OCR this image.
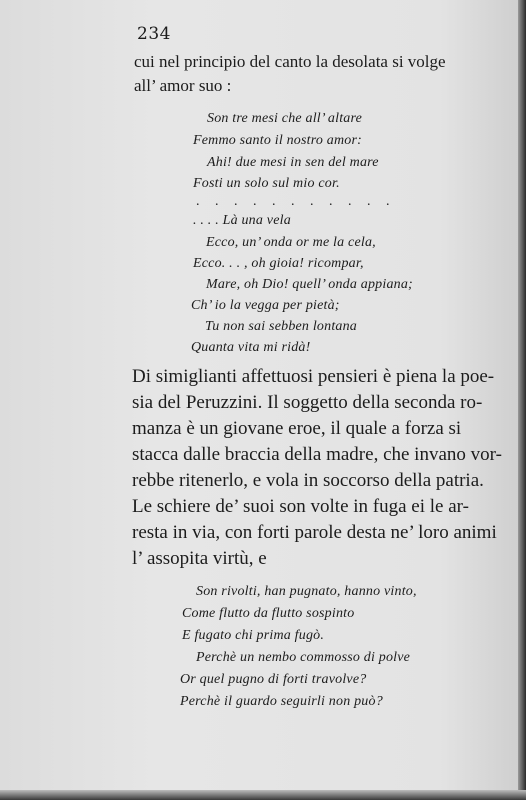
234
cui nel principio del canto la desolata si volge
all’ amor suo :
Son tre mesi che all’ altare
Femmo santo il nostro amor:
Ahi! due mesi in sen del mare
Fosti un solo sul mio cor.
. . . . . . . . . . .
. . . . Là una vela
Ecco, un’ onda or me la cela,
Ecco. . . , oh gioia! ricompar,
Mare, oh Dio! quell’ onda appiana;
Ch’ io la vegga per pietà;
Tu non sai sebben lontana
Quanta vita mi ridà!
Di simiglianti affettuosi pensieri è piena la poe-
sia del Peruzzini. Il soggetto della seconda ro-
manza è un giovane eroe, il quale a forza si
stacca dalle braccia della madre, che invano vor-
rebbe ritenerlo, e vola in soccorso della patria.
Le schiere de’ suoi son volte in fuga ei le ar-
resta in via, con forti parole desta ne’ loro animi
l’ assopita virtù, e
Son rivolti, han pugnato, hanno vinto,
Come flutto da flutto sospinto
E fugato chi prima fugò.
Perchè un nembo commosso di polve
Or quel pugno di forti travolve?
Perchè il guardo seguirli non può?
